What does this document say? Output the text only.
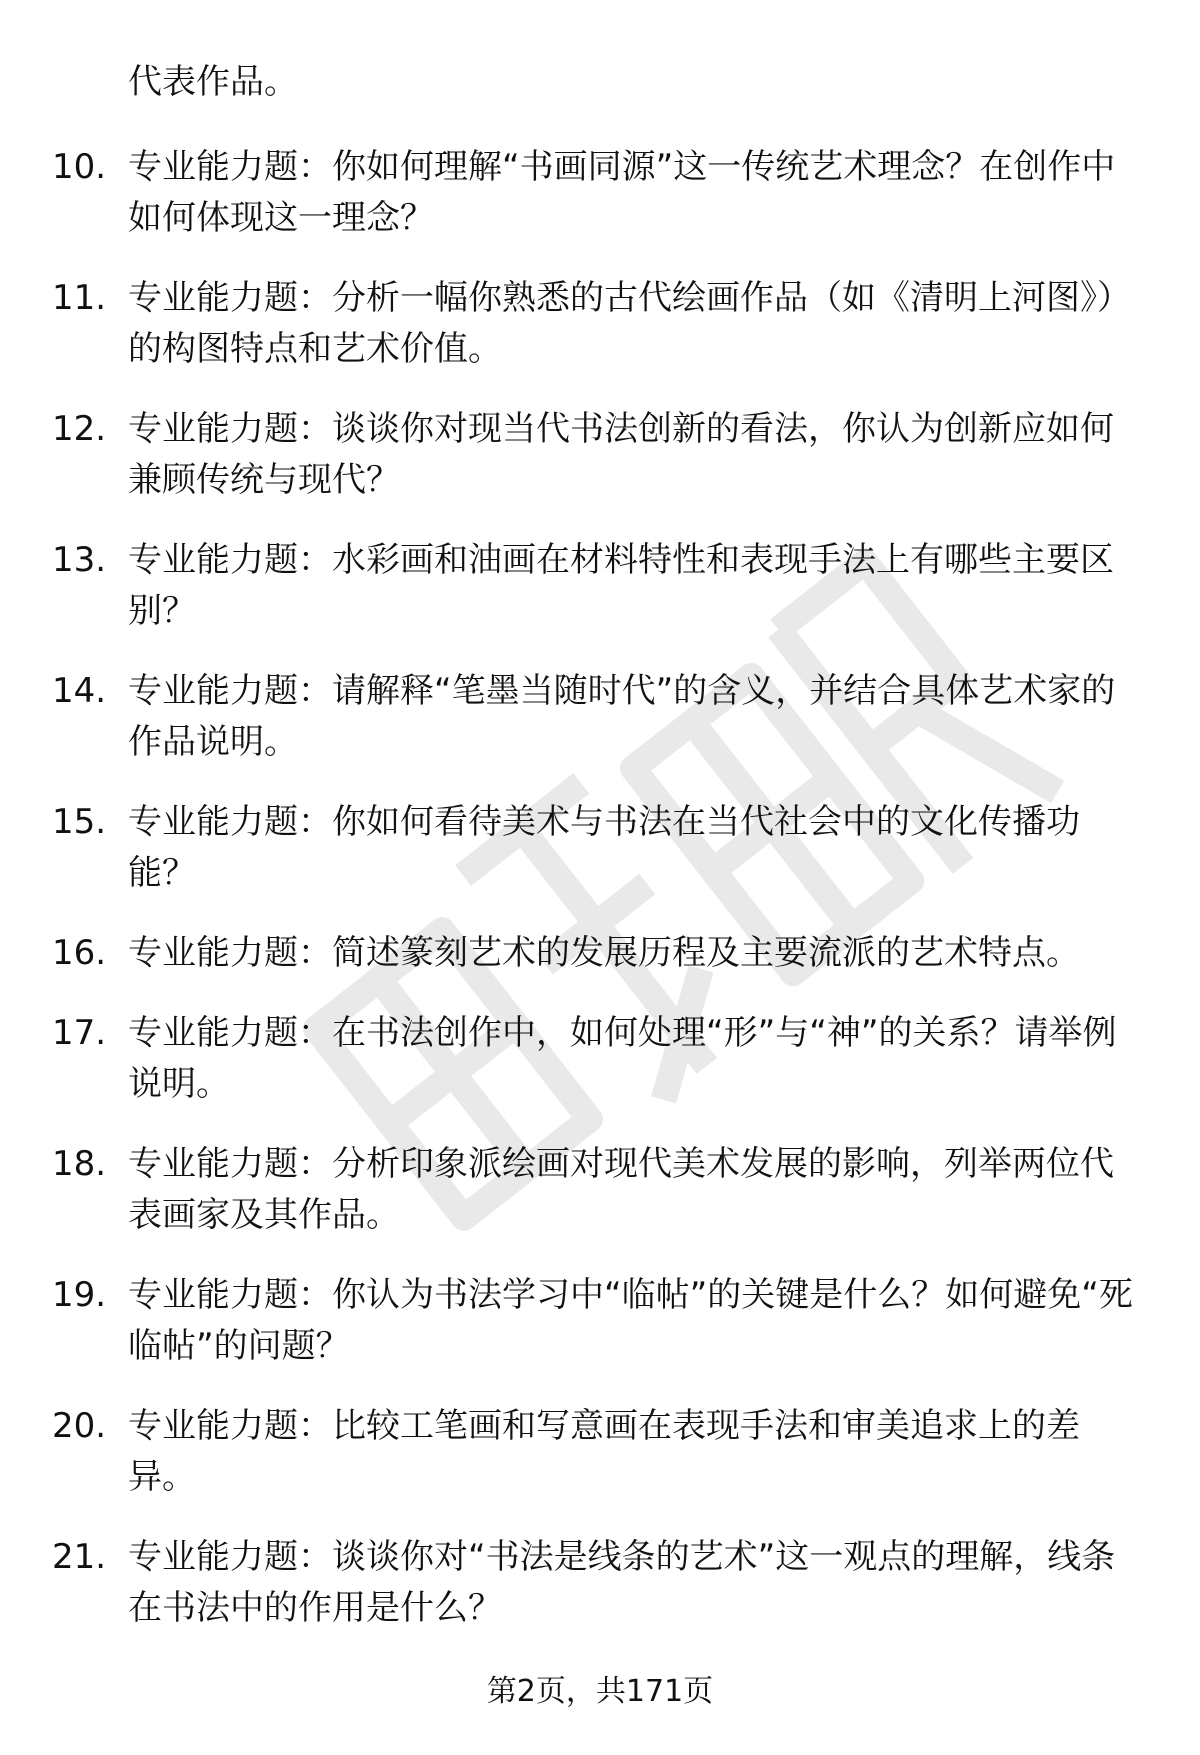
代表作品。
10. 专业能力题：你如何理解“书画同源”这一传统艺术理念？在创作中如何体现这一理念？
11. 专业能力题：分析一幅你熟悉的古代绘画作品（如《清明上河图》）的构图特点和艺术价值。
12. 专业能力题：谈谈你对现当代书法创新的看法，你认为创新应如何兼顾传统与现代？
13. 专业能力题：水彩画和油画在材料特性和表现手法上有哪些主要区别？
14. 专业能力题：请解释“笔墨当随时代”的含义，并结合具体艺术家的作品说明。
15. 专业能力题：你如何看待美术与书法在当代社会中的文化传播功能？
16. 专业能力题：简述篆刻艺术的发展历程及主要流派的艺术特点。
17. 专业能力题：在书法创作中，如何处理“形”与“神”的关系？请举例说明。
18. 专业能力题：分析印象派绘画对现代美术发展的影响，列举两位代表画家及其作品。
19. 专业能力题：你认为书法学习中“临帖”的关键是什么？如何避免“死临帖”的问题？
20. 专业能力题：比较工笔画和写意画在表现手法和审美追求上的差异。
21. 专业能力题：谈谈你对“书法是线条的艺术”这一观点的理解，线条在书法中的作用是什么？
第2页，共171页
